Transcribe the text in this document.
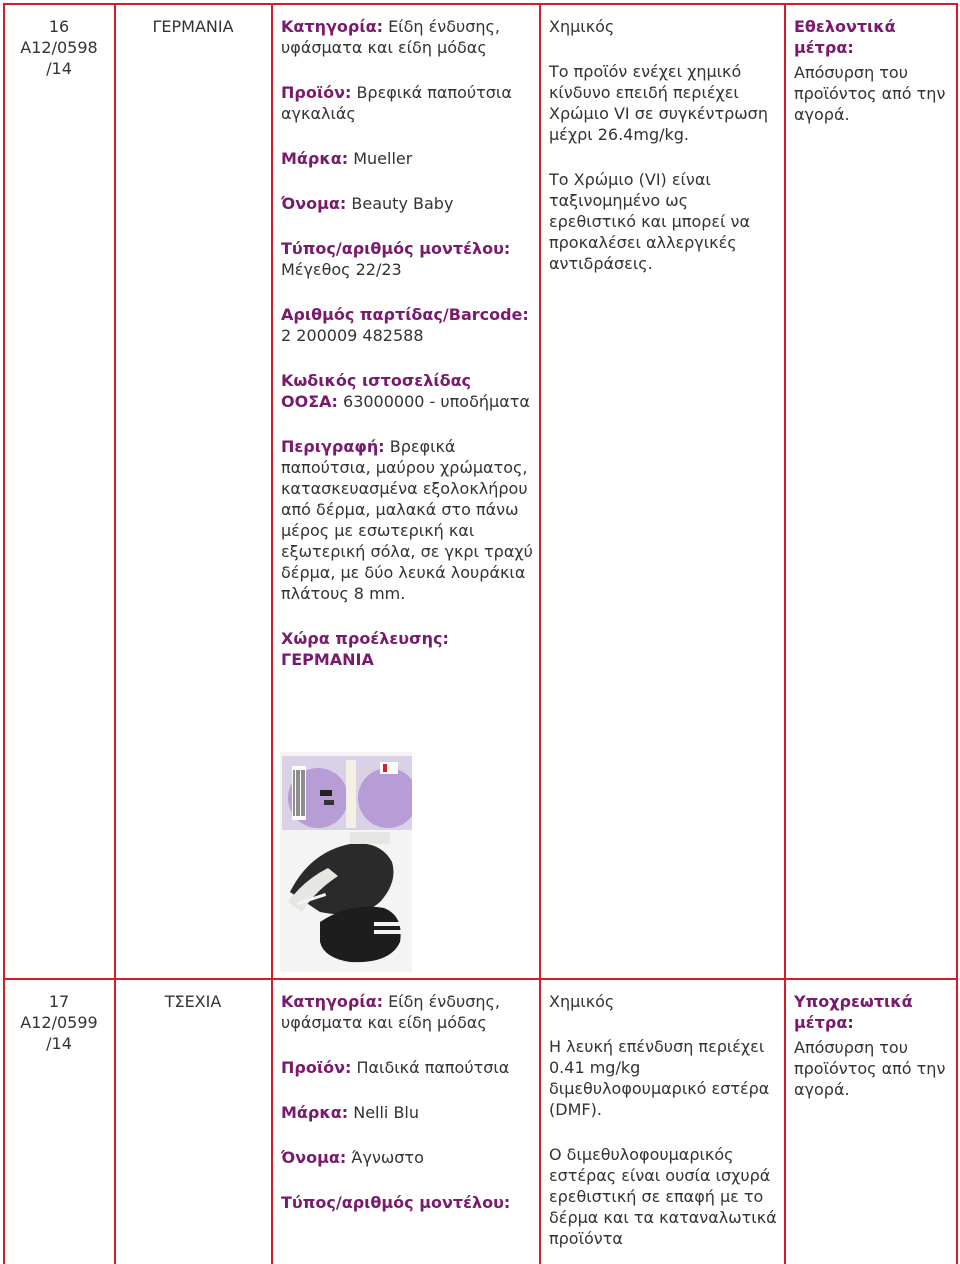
16

A12/0598

/14

ΓΕΡΜΑΝΙΑ	Κατηγορία: Είδη ένδυσης, υφάσματα και είδη μόδας

Προϊόν: Βρεφικά παπούτσια αγκαλιάς

Μάρκα: Mueller

Όνομα: Beauty Baby

Τύπος/αριθμός μοντέλου: Μέγεθος 22/23

Αριθμός παρτίδας/Barcode: 2 200009 482588

Κωδικός ιστοσελίδας ΟΟΣΑ: 63000000 - υποδήματα

Περιγραφή: Βρεφικά παπούτσια, μαύρου χρώματος, κατασκευασμένα εξολοκλήρου από δέρμα, μαλακά στο πάνω μέρος με εσωτερική και εξωτερική σόλα, σε γκρι τραχύ δέρμα, με δύο λευκά λουράκια πλάτους 8 mm.

Χώρα προέλευσης:
ΓΕΡΜΑΝΙΑ

Χημικός

Το προϊόν ενέχει χημικό κίνδυνο επειδή περιέχει Χρώμιο VI σε συγκέντρωση μέχρι 26.4mg/kg.

Το Χρώμιο (VI) είναι ταξινομημένο ως ερεθιστικό και μπορεί να προκαλέσει αλλεργικές αντιδράσεις.

Εθελοντικά μέτρα:

Απόσυρση του προϊόντος από την αγορά.

17

A12/0599

/14

ΤΣΕΧΙΑ	Κατηγορία: Είδη ένδυσης, υφάσματα και είδη μόδας

Προϊόν: Παιδικά παπούτσια

Μάρκα: Nelli Blu

Όνομα: Άγνωστο

Τύπος/αριθμός μοντέλου:

Χημικός

Η λευκή επένδυση περιέχει 0.41 mg/kg διμεθυλοφουμαρικό εστέρα (DMF).

Ο διμεθυλοφουμαρικός εστέρας είναι ουσία ισχυρά ερεθιστική σε επαφή με το δέρμα και τα καταναλωτικά προϊόντα

Υποχρεωτικά μέτρα:

Απόσυρση του προϊόντος από την αγορά.
